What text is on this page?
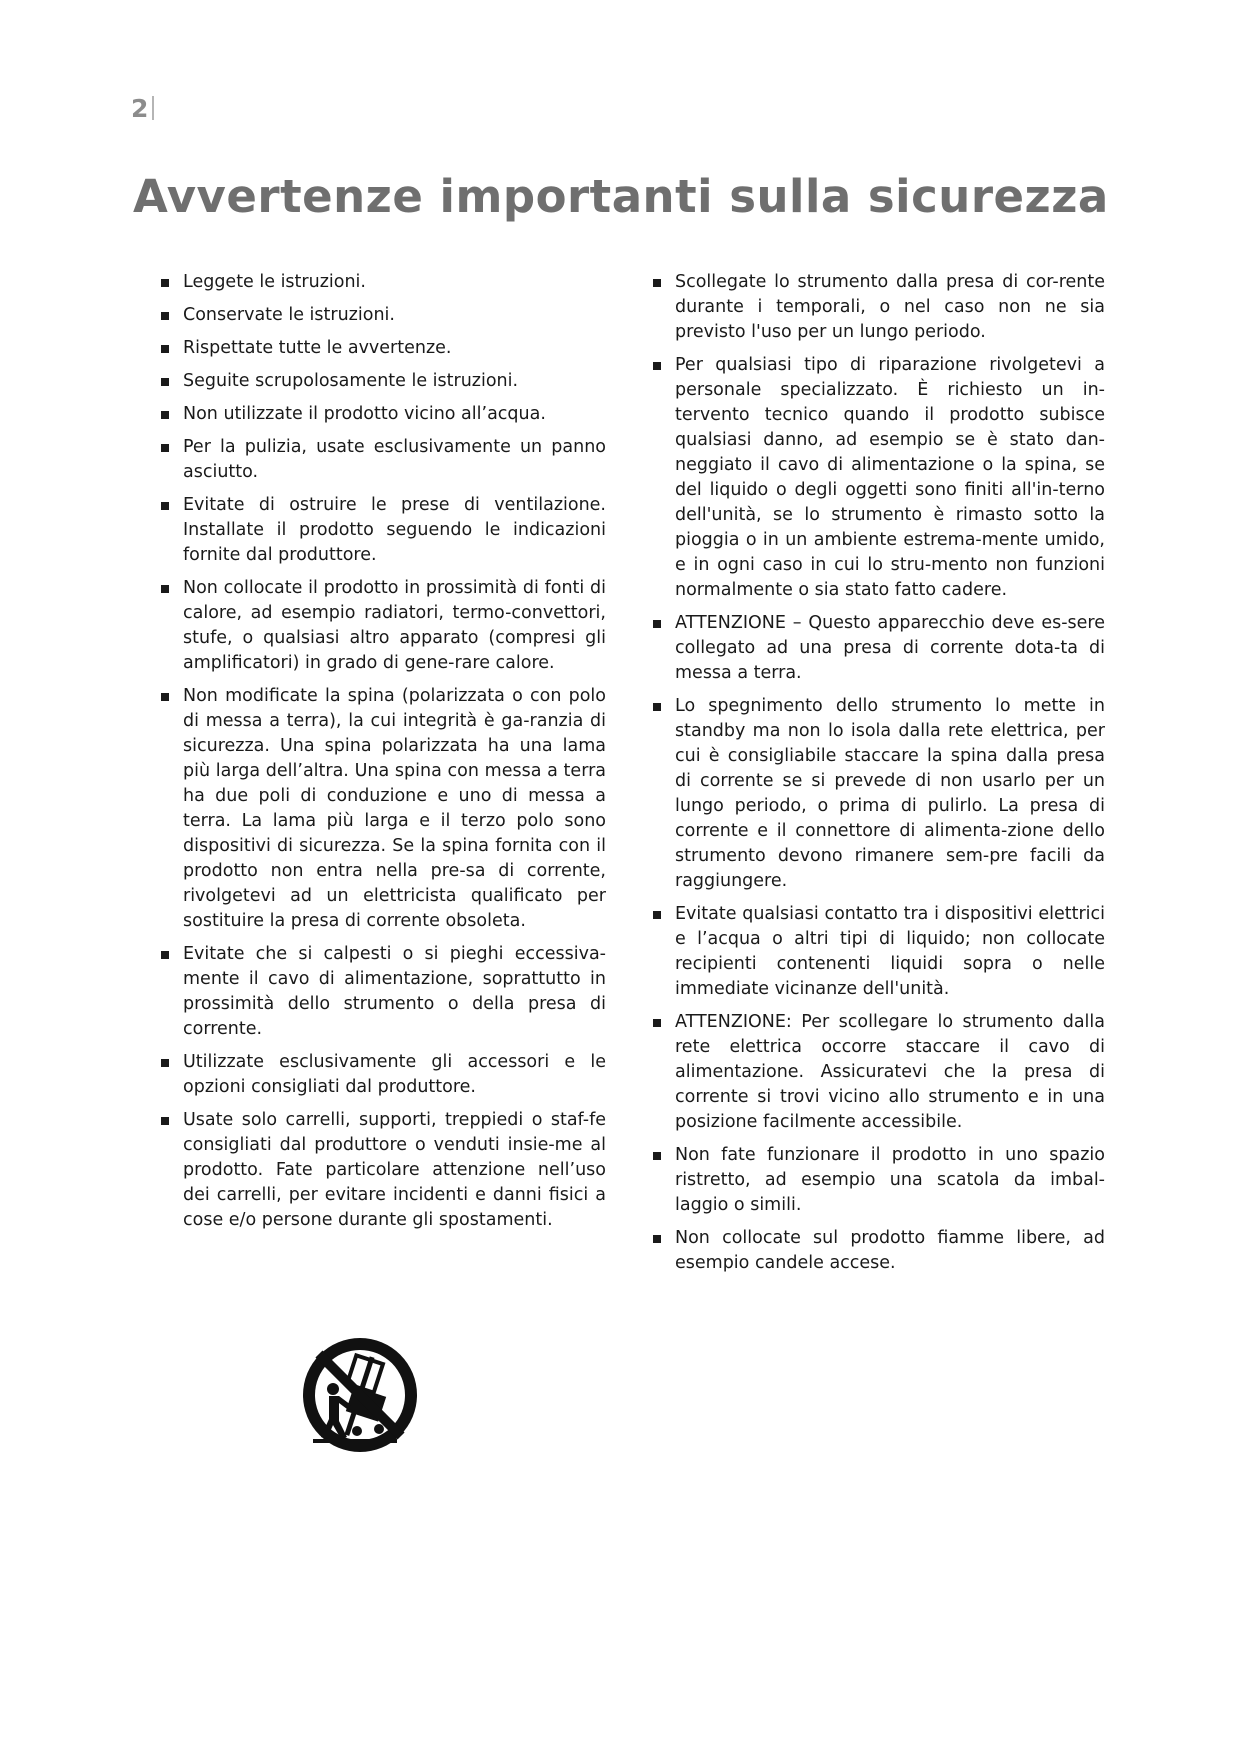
2
Avvertenze importanti sulla sicurezza
Leggete le istruzioni.
Conservate le istruzioni.
Rispettate tutte le avvertenze.
Seguite scrupolosamente le istruzioni.
Non utilizzate il prodotto vicino all’acqua.
Per la pulizia, usate esclusivamente un panno asciutto.
Evitate di ostruire le prese di ventilazione. Installate il prodotto seguendo le indicazioni fornite dal produttore.
Non collocate il prodotto in prossimità di fonti di calore, ad esempio radiatori, termo-convettori, stufe, o qualsiasi altro apparato (compresi gli amplificatori) in grado di gene-rare calore.
Non modificate la spina (polarizzata o con polo di messa a terra), la cui integrità è ga-ranzia di sicurezza. Una spina polarizzata ha una lama più larga dell’altra. Una spina con messa a terra ha due poli di conduzione e uno di messa a terra. La lama più larga e il terzo polo sono dispositivi di sicurezza. Se la spina fornita con il prodotto non entra nella pre-sa di corrente, rivolgetevi ad un elettricista qualificato per sostituire la presa di corrente obsoleta.
Evitate che si calpesti o si pieghi eccessiva-mente il cavo di alimentazione, soprattutto in prossimità dello strumento o della presa di corrente.
Utilizzate esclusivamente gli accessori e le opzioni consigliati dal produttore.
Usate solo carrelli, supporti, treppiedi o staf-fe consigliati dal produttore o venduti insie-me al prodotto. Fate particolare attenzione nell’uso dei carrelli, per evitare incidenti e danni fisici a cose e/o persone durante gli spostamenti.
Scollegate lo strumento dalla presa di cor-rente durante i temporali, o nel caso non ne sia previsto l'uso per un lungo periodo.
Per qualsiasi tipo di riparazione rivolgetevi a personale specializzato. È richiesto un in-tervento tecnico quando il prodotto subisce qualsiasi danno, ad esempio se è stato dan-neggiato il cavo di alimentazione o la spina, se del liquido o degli oggetti sono finiti all'in-terno dell'unità, se lo strumento è rimasto sotto la pioggia o in un ambiente estrema-mente umido, e in ogni caso in cui lo stru-mento non funzioni normalmente o sia stato fatto cadere.
ATTENZIONE – Questo apparecchio deve es-sere collegato ad una presa di corrente dota-ta di messa a terra.
Lo spegnimento dello strumento lo mette in standby ma non lo isola dalla rete elettrica, per cui è consigliabile staccare la spina dalla presa di corrente se si prevede di non usarlo per un lungo periodo, o prima di pulirlo. La presa di corrente e il connettore di alimenta-zione dello strumento devono rimanere sem-pre facili da raggiungere.
Evitate qualsiasi contatto tra i dispositivi elettrici e l’acqua o altri tipi di liquido; non collocate recipienti contenenti liquidi sopra o nelle immediate vicinanze dell'unità.
ATTENZIONE: Per scollegare lo strumento dalla rete elettrica occorre staccare il cavo di alimentazione. Assicuratevi che la presa di corrente si trovi vicino allo strumento e in una posizione facilmente accessibile.
Non fate funzionare il prodotto in uno spazio ristretto, ad esempio una scatola da imbal-laggio o simili.
Non collocate sul prodotto fiamme libere, ad esempio candele accese.
